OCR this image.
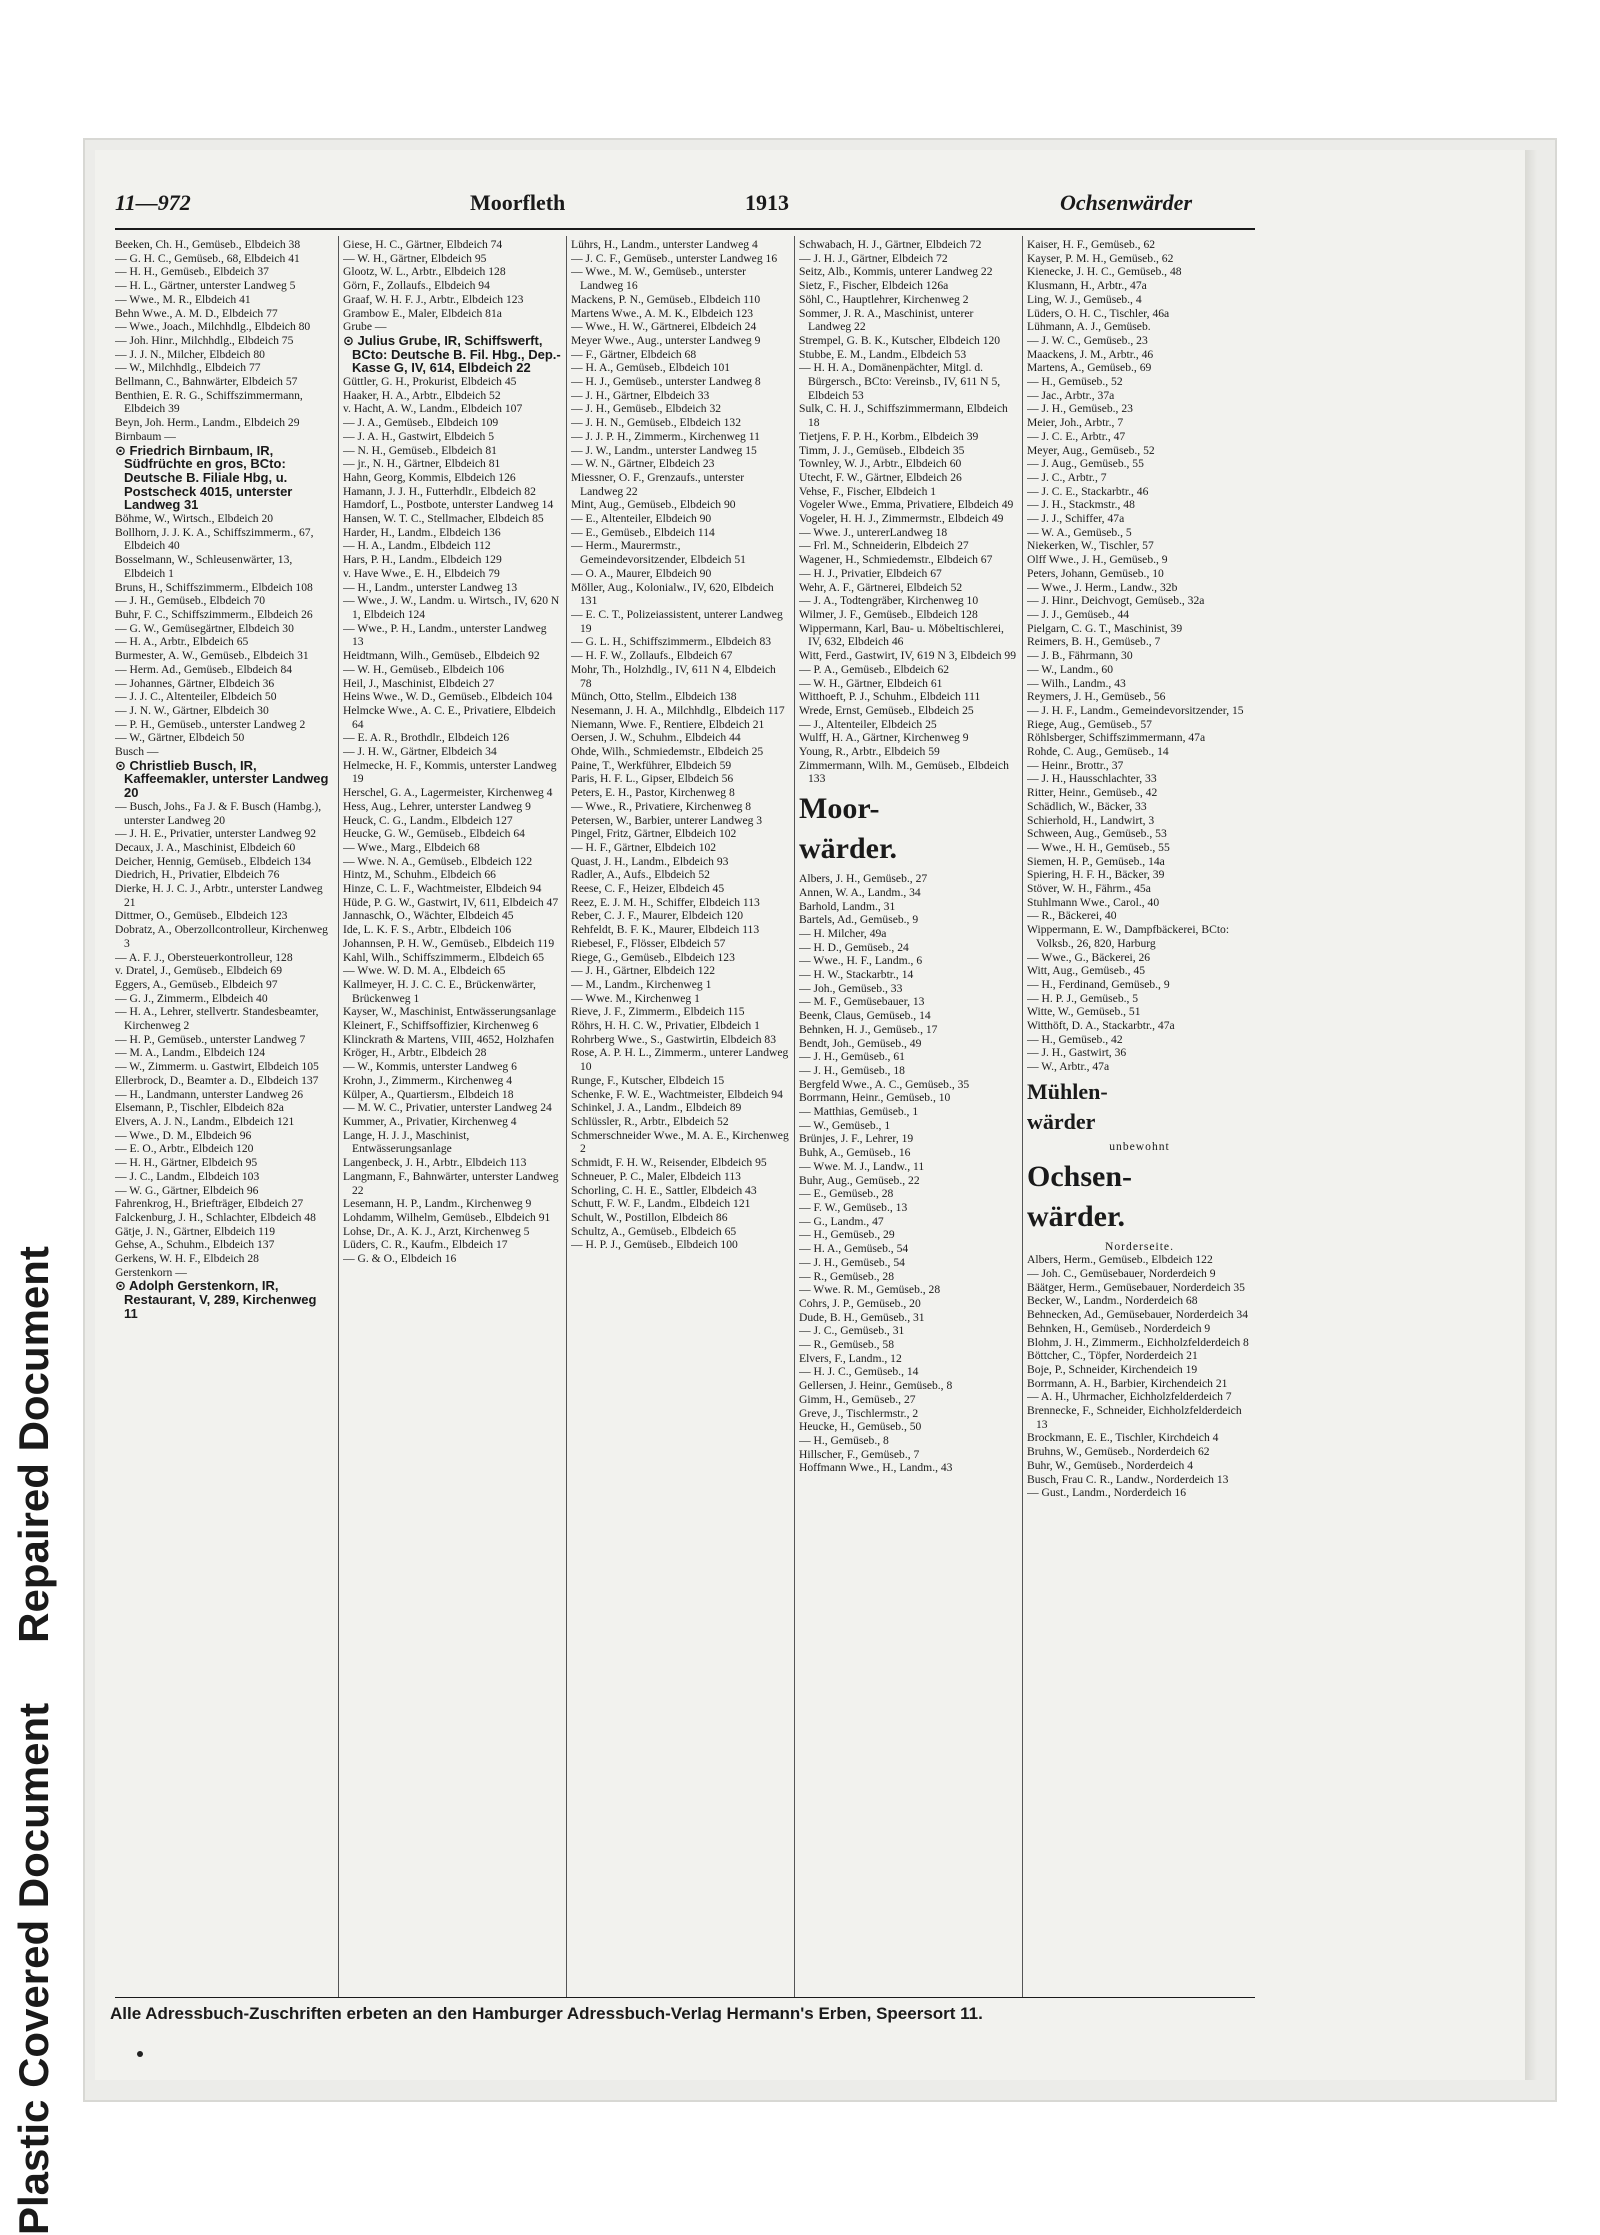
Plastic Covered Document
Repaired Document
11—972	Moorfleth	1913	Ochsenwärder

Beeken, Ch. H., Gemüseb., Elbdeich 38

— G. H. C., Gemüseb., 68, Elbdeich 41

— H. H., Gemüseb., Elbdeich 37

— H. L., Gärtner, unterster Landweg 5

— Wwe., M. R., Elbdeich 41

Behn Wwe., A. M. D., Elbdeich 77

— Wwe., Joach., Milchhdlg., Elbdeich 80

— Joh. Hinr., Milchhdlg., Elbdeich 75

— J. J. N., Milcher, Elbdeich 80

— W., Milchhdlg., Elbdeich 77

Bellmann, C., Bahnwärter, Elbdeich 57

Benthien, E. R. G., Schiffszimmermann, Elbdeich 39

Beyn, Joh. Herm., Landm., Elbdeich 29

Birnbaum —

⊙ Friedrich Birnbaum, IR, Südfrüchte en gros, BCto: Deutsche B. Filiale Hbg, u. Postscheck 4015, unterster Landweg 31

Böhme, W., Wirtsch., Elbdeich 20

Bollhorn, J. J. K. A., Schiffszimmerm., 67, Elbdeich 40

Bosselmann, W., Schleusenwärter, 13, Elbdeich 1

Bruns, H., Schiffszimmerm., Elbdeich 108

— J. H., Gemüseb., Elbdeich 70

Buhr, F. C., Schiffszimmerm., Elbdeich 26

— G. W., Gemüsegärtner, Elbdeich 30

— H. A., Arbtr., Elbdeich 65

Burmester, A. W., Gemüseb., Elbdeich 31

— Herm. Ad., Gemüseb., Elbdeich 84

— Johannes, Gärtner, Elbdeich 36

— J. J. C., Altenteiler, Elbdeich 50

— J. N. W., Gärtner, Elbdeich 30

— P. H., Gemüseb., unterster Landweg 2

— W., Gärtner, Elbdeich 50

Busch —

⊙ Christlieb Busch, IR, Kaffeemakler, unterster Landweg 20

— Busch, Johs., Fa J. & F. Busch (Hambg.), unterster Landweg 20

— J. H. E., Privatier, unterster Landweg 92

Decaux, J. A., Maschinist, Elbdeich 60

Deicher, Hennig, Gemüseb., Elbdeich 134

Diedrich, H., Privatier, Elbdeich 76

Dierke, H. J. C. J., Arbtr., unterster Landweg 21

Dittmer, O., Gemüseb., Elbdeich 123

Dobratz, A., Oberzollcontrolleur, Kirchenweg 3

— A. F. J., Obersteuerkontrolleur, 128

v. Dratel, J., Gemüseb., Elbdeich 69

Eggers, A., Gemüseb., Elbdeich 97

— G. J., Zimmerm., Elbdeich 40

— H. A., Lehrer, stellvertr. Standesbeamter, Kirchenweg 2

— H. P., Gemüseb., unterster Landweg 7

— M. A., Landm., Elbdeich 124

— W., Zimmerm. u. Gastwirt, Elbdeich 105

Ellerbrock, D., Beamter a. D., Elbdeich 137

— H., Landmann, unterster Landweg 26

Elsemann, P., Tischler, Elbdeich 82a

Elvers, A. J. N., Landm., Elbdeich 121

— Wwe., D. M., Elbdeich 96

— E. O., Arbtr., Elbdeich 120

— H. H., Gärtner, Elbdeich 95

— J. C., Landm., Elbdeich 103

— W. G., Gärtner, Elbdeich 96

Fahrenkrog, H., Briefträger, Elbdeich 27

Falckenburg, J. H., Schlachter, Elbdeich 48

Gätje, J. N., Gärtner, Elbdeich 119

Gehse, A., Schuhm., Elbdeich 137

Gerkens, W. H. F., Elbdeich 28

Gerstenkorn —

⊙ Adolph Gerstenkorn, IR, Restaurant, V, 289, Kirchenweg 11

Giese, H. C., Gärtner, Elbdeich 74

— W. H., Gärtner, Elbdeich 95

Glootz, W. L., Arbtr., Elbdeich 128

Görn, F., Zollaufs., Elbdeich 94

Graaf, W. H. F. J., Arbtr., Elbdeich 123

Grambow E., Maler, Elbdeich 81a

Grube —

⊙ Julius Grube, IR, Schiffswerft, BCto: Deutsche B. Fil. Hbg., Dep.-Kasse G, IV, 614, Elbdeich 22

Güttler, G. H., Prokurist, Elbdeich 45

Haaker, H. A., Arbtr., Elbdeich 52

v. Hacht, A. W., Landm., Elbdeich 107

— J. A., Gemüseb., Elbdeich 109

— J. A. H., Gastwirt, Elbdeich 5

— N. H., Gemüseb., Elbdeich 81

— jr., N. H., Gärtner, Elbdeich 81

Hahn, Georg, Kommis, Elbdeich 126

Hamann, J. J. H., Futterhdlr., Elbdeich 82

Hamdorf, L., Postbote, unterster Landweg 14

Hansen, W. T. C., Stellmacher, Elbdeich 85

Harder, H., Landm., Elbdeich 136

— H. A., Landm., Elbdeich 112

Hars, P. H., Landm., Elbdeich 129

v. Have Wwe., E. H., Elbdeich 79

— H., Landm., unterster Landweg 13

— Wwe., J. W., Landm. u. Wirtsch., IV, 620 N 1, Elbdeich 124

— Wwe., P. H., Landm., unterster Landweg 13

Heidtmann, Wilh., Gemüseb., Elbdeich 92

— W. H., Gemüseb., Elbdeich 106

Heil, J., Maschinist, Elbdeich 27

Heins Wwe., W. D., Gemüseb., Elbdeich 104

Helmcke Wwe., A. C. E., Privatiere, Elbdeich 64

— E. A. R., Brothdlr., Elbdeich 126

— J. H. W., Gärtner, Elbdeich 34

Helmecke, H. F., Kommis, unterster Landweg 19

Herschel, G. A., Lagermeister, Kirchenweg 4

Hess, Aug., Lehrer, unterster Landweg 9

Heuck, C. G., Landm., Elbdeich 127

Heucke, G. W., Gemüseb., Elbdeich 64

— Wwe., Marg., Elbdeich 68

— Wwe. N. A., Gemüseb., Elbdeich 122

Hintz, M., Schuhm., Elbdeich 66

Hinze, C. L. F., Wachtmeister, Elbdeich 94

Hüde, P. G. W., Gastwirt, IV, 611, Elbdeich 47

Jannaschk, O., Wächter, Elbdeich 45

Ide, L. K. F. S., Arbtr., Elbdeich 106

Johannsen, P. H. W., Gemüseb., Elbdeich 119

Kahl, Wilh., Schiffszimmerm., Elbdeich 65

— Wwe. W. D. M. A., Elbdeich 65

Kallmeyer, H. J. C. C. E., Brückenwärter, Brückenweg 1

Kayser, W., Maschinist, Entwässerungsanlage

Kleinert, F., Schiffsoffizier, Kirchenweg 6

Klinckrath & Martens, VIII, 4652, Holzhafen

Kröger, H., Arbtr., Elbdeich 28

— W., Kommis, unterster Landweg 6

Krohn, J., Zimmerm., Kirchenweg 4

Külper, A., Quartiersm., Elbdeich 18

— M. W. C., Privatier, unterster Landweg 24

Kummer, A., Privatier, Kirchenweg 4

Lange, H. J. J., Maschinist, Entwässerungsanlage

Langenbeck, J. H., Arbtr., Elbdeich 113

Langmann, F., Bahnwärter, unterster Landweg 22

Lesemann, H. P., Landm., Kirchenweg 9

Lohdamm, Wilhelm, Gemüseb., Elbdeich 91

Lohse, Dr., A. K. J., Arzt, Kirchenweg 5

Lüders, C. R., Kaufm., Elbdeich 17

— G. & O., Elbdeich 16

Lührs, H., Landm., unterster Landweg 4

— J. C. F., Gemüseb., unterster Landweg 16

— Wwe., M. W., Gemüseb., unterster Landweg 16

Mackens, P. N., Gemüseb., Elbdeich 110

Martens Wwe., A. M. K., Elbdeich 123

— Wwe., H. W., Gärtnerei, Elbdeich 24

Meyer Wwe., Aug., unterster Landweg 9

— F., Gärtner, Elbdeich 68

— H. A., Gemüseb., Elbdeich 101

— H. J., Gemüseb., unterster Landweg 8

— J. H., Gärtner, Elbdeich 33

— J. H., Gemüseb., Elbdeich 32

— J. H. N., Gemüseb., Elbdeich 132

— J. J. P. H., Zimmerm., Kirchenweg 11

— J. W., Landm., unterster Landweg 15

— W. N., Gärtner, Elbdeich 23

Miessner, O. F., Grenzaufs., unterster Landweg 22

Mint, Aug., Gemüseb., Elbdeich 90

— E., Altenteiler, Elbdeich 90

— E., Gemüseb., Elbdeich 114

— Herm., Maurermstr., Gemeindevorsitzender, Elbdeich 51

— O. A., Maurer, Elbdeich 90

Möller, Aug., Kolonialw., IV, 620, Elbdeich 131

— E. C. T., Polizeiassistent, unterer Landweg 19

— G. L. H., Schiffszimmerm., Elbdeich 83

— H. F. W., Zollaufs., Elbdeich 67

Mohr, Th., Holzhdlg., IV, 611 N 4, Elbdeich 78

Münch, Otto, Stellm., Elbdeich 138

Nesemann, J. H. A., Milchhdlg., Elbdeich 117

Niemann, Wwe. F., Rentiere, Elbdeich 21

Oersen, J. W., Schuhm., Elbdeich 44

Ohde, Wilh., Schmiedemstr., Elbdeich 25

Paine, T., Werkführer, Elbdeich 59

Paris, H. F. L., Gipser, Elbdeich 56

Peters, E. H., Pastor, Kirchenweg 8

— Wwe., R., Privatiere, Kirchenweg 8

Petersen, W., Barbier, unterer Landweg 3

Pingel, Fritz, Gärtner, Elbdeich 102

— H. F., Gärtner, Elbdeich 102

Quast, J. H., Landm., Elbdeich 93

Radler, A., Aufs., Elbdeich 52

Reese, C. F., Heizer, Elbdeich 45

Reez, E. J. M. H., Schiffer, Elbdeich 113

Reber, C. J. F., Maurer, Elbdeich 120

Rehfeldt, B. F. K., Maurer, Elbdeich 113

Riebesel, F., Flösser, Elbdeich 57

Riege, G., Gemüseb., Elbdeich 123

— J. H., Gärtner, Elbdeich 122

— M., Landm., Kirchenweg 1

— Wwe. M., Kirchenweg 1

Rieve, J. F., Zimmerm., Elbdeich 115

Röhrs, H. H. C. W., Privatier, Elbdeich 1

Rohrberg Wwe., S., Gastwirtin, Elbdeich 83

Rose, A. P. H. L., Zimmerm., unterer Landweg 10

Runge, F., Kutscher, Elbdeich 15

Schenke, F. W. E., Wachtmeister, Elbdeich 94

Schinkel, J. A., Landm., Elbdeich 89

Schlüssler, R., Arbtr., Elbdeich 52

Schmerschneider Wwe., M. A. E., Kirchenweg 2

Schmidt, F. H. W., Reisender, Elbdeich 95

Schneuer, P. C., Maler, Elbdeich 113

Schorling, C. H. E., Sattler, Elbdeich 43

Schutt, F. W. F., Landm., Elbdeich 121

Schult, W., Postillon, Elbdeich 86

Schultz, A., Gemüseb., Elbdeich 65

— H. P. J., Gemüseb., Elbdeich 100

Schwabach, H. J., Gärtner, Elbdeich 72

— J. H. J., Gärtner, Elbdeich 72

Seitz, Alb., Kommis, unterer Landweg 22

Sietz, F., Fischer, Elbdeich 126a

Söhl, C., Hauptlehrer, Kirchenweg 2

Sommer, J. R. A., Maschinist, unterer Landweg 22

Strempel, G. B. K., Kutscher, Elbdeich 120

Stubbe, E. M., Landm., Elbdeich 53

— H. H. A., Domänenpächter, Mitgl. d. Bürgersch., BCto: Vereinsb., IV, 611 N 5, Elbdeich 53

Sulk, C. H. J., Schiffszimmermann, Elbdeich 18

Tietjens, F. P. H., Korbm., Elbdeich 39

Timm, J. J., Gemüseb., Elbdeich 35

Townley, W. J., Arbtr., Elbdeich 60

Utecht, F. W., Gärtner, Elbdeich 26

Vehse, F., Fischer, Elbdeich 1

Vogeler Wwe., Emma, Privatiere, Elbdeich 49

Vogeler, H. H. J., Zimmermstr., Elbdeich 49

— Wwe. J., untererLandweg 18

— Frl. M., Schneiderin, Elbdeich 27

Wagener, H., Schmiedemstr., Elbdeich 67

— H. J., Privatier, Elbdeich 67

Wehr, A. F., Gärtnerei, Elbdeich 52

— J. A., Todtengräber, Kirchenweg 10

Wilmer, J. F., Gemüseb., Elbdeich 128

Wippermann, Karl, Bau- u. Möbeltischlerei, IV, 632, Elbdeich 46

Witt, Ferd., Gastwirt, IV, 619 N 3, Elbdeich 99

— P. A., Gemüseb., Elbdeich 62

— W. H., Gärtner, Elbdeich 61

Witthoeft, P. J., Schuhm., Elbdeich 111

Wrede, Ernst, Gemüseb., Elbdeich 25

— J., Altenteiler, Elbdeich 25

Wulff, H. A., Gärtner, Kirchenweg 9

Young, R., Arbtr., Elbdeich 59

Zimmermann, Wilh. M., Gemüseb., Elbdeich 133

Moor-

wärder.

Albers, J. H., Gemüseb., 27

Annen, W. A., Landm., 34

Barhold, Landm., 31

Bartels, Ad., Gemüseb., 9

— H. Milcher, 49a

— H. D., Gemüseb., 24

— Wwe., H. F., Landm., 6

— H. W., Stackarbtr., 14

— Joh., Gemüseb., 33

— M. F., Gemüsebauer, 13

Beenk, Claus, Gemüseb., 14

Behnken, H. J., Gemüseb., 17

Bendt, Joh., Gemüseb., 49

— J. H., Gemüseb., 61

— J. H., Gemüseb., 18

Bergfeld Wwe., A. C., Gemüseb., 35

Borrmann, Heinr., Gemüseb., 10

— Matthias, Gemüseb., 1

— W., Gemüseb., 1

Brünjes, J. F., Lehrer, 19

Buhk, A., Gemüseb., 16

— Wwe. M. J., Landw., 11

Buhr, Aug., Gemüseb., 22

— E., Gemüseb., 28

— F. W., Gemüseb., 13

— G., Landm., 47

— H., Gemüseb., 29

— H. A., Gemüseb., 54

— J. H., Gemüseb., 54

— R., Gemüseb., 28

— Wwe. R. M., Gemüseb., 28

Cohrs, J. P., Gemüseb., 20

Dude, B. H., Gemüseb., 31

— J. C., Gemüseb., 31

— R., Gemüseb., 58

Elvers, F., Landm., 12

— H. J. C., Gemüseb., 14

Gellersen, J. Heinr., Gemüseb., 8

Gimm, H., Gemüseb., 27

Greve, J., Tischlermstr., 2

Heucke, H., Gemüseb., 50

— H., Gemüseb., 8

Hillscher, F., Gemüseb., 7

Hoffmann Wwe., H., Landm., 43

Kaiser, H. F., Gemüseb., 62

Kayser, P. M. H., Gemüseb., 62

Kienecke, J. H. C., Gemüseb., 48

Klusmann, H., Arbtr., 47a

Ling, W. J., Gemüseb., 4

Lüders, O. H. C., Tischler, 46a

Lühmann, A. J., Gemüseb.

— J. W. C., Gemüseb., 23

Maackens, J. M., Arbtr., 46

Martens, A., Gemüseb., 69

— H., Gemüseb., 52

— Jac., Arbtr., 37a

— J. H., Gemüseb., 23

Meier, Joh., Arbtr., 7

— J. C. E., Arbtr., 47

Meyer, Aug., Gemüseb., 52

— J. Aug., Gemüseb., 55

— J. C., Arbtr., 7

— J. C. E., Stackarbtr., 46

— J. H., Stackmstr., 48

— J. J., Schiffer, 47a

— W. A., Gemüseb., 5

Niekerken, W., Tischler, 57

Olff Wwe., J. H., Gemüseb., 9

Peters, Johann, Gemüseb., 10

— Wwe., J. Herm., Landw., 32b

— J. Hinr., Deichvogt, Gemüseb., 32a

— J. J., Gemüseb., 44

Pielgarn, C. G. T., Maschinist, 39

Reimers, B. H., Gemüseb., 7

— J. B., Fährmann, 30

— W., Landm., 60

— Wilh., Landm., 43

Reymers, J. H., Gemüseb., 56

— J. H. F., Landm., Gemeindevorsitzender, 15

Riege, Aug., Gemüseb., 57

Röhlsberger, Schiffszimmermann, 47a

Rohde, C. Aug., Gemüseb., 14

— Heinr., Brottr., 37

— J. H., Hausschlachter, 33

Ritter, Heinr., Gemüseb., 42

Schädlich, W., Bäcker, 33

Schierhold, H., Landwirt, 3

Schween, Aug., Gemüseb., 53

— Wwe., H. H., Gemüseb., 55

Siemen, H. P., Gemüseb., 14a

Spiering, H. F. H., Bäcker, 39

Stöver, W. H., Fährm., 45a

Stuhlmann Wwe., Carol., 40

— R., Bäckerei, 40

Wippermann, E. W., Dampfbäckerei, BCto: Volksb., 26, 820, Harburg

— Wwe., G., Bäckerei, 26

Witt, Aug., Gemüseb., 45

— H., Ferdinand, Gemüseb., 9

— H. P. J., Gemüseb., 5

Witte, W., Gemüseb., 51

Witthöft, D. A., Stackarbtr., 47a

— H., Gemüseb., 42

— J. H., Gastwirt, 36

— W., Arbtr., 47a

Mühlen-

wärder

unbewohnt

Ochsen-

wärder.

Norderseite.

Albers, Herm., Gemüseb., Elbdeich 122

— Joh. C., Gemüsebauer, Norderdeich 9

Bäätger, Herm., Gemüsebauer, Norderdeich 35

Becker, W., Landm., Norderdeich 68

Behnecken, Ad., Gemüsebauer, Norderdeich 34

Behnken, H., Gemüseb., Norderdeich 9

Blohm, J. H., Zimmerm., Eichholzfelderdeich 8

Böttcher, C., Töpfer, Norderdeich 21

Boje, P., Schneider, Kirchendeich 19

Borrmann, A. H., Barbier, Kirchendeich 21

— A. H., Uhrmacher, Eichholzfelderdeich 7

Brennecke, F., Schneider, Eichholzfelderdeich 13

Brockmann, E. E., Tischler, Kirchdeich 4

Bruhns, W., Gemüseb., Norderdeich 62

Buhr, W., Gemüseb., Norderdeich 4

Busch, Frau C. R., Landw., Norderdeich 13

— Gust., Landm., Norderdeich 16

Alle Adressbuch-Zuschriften erbeten an den Hamburger Adressbuch-Verlag Hermann's Erben, Speersort 11.
